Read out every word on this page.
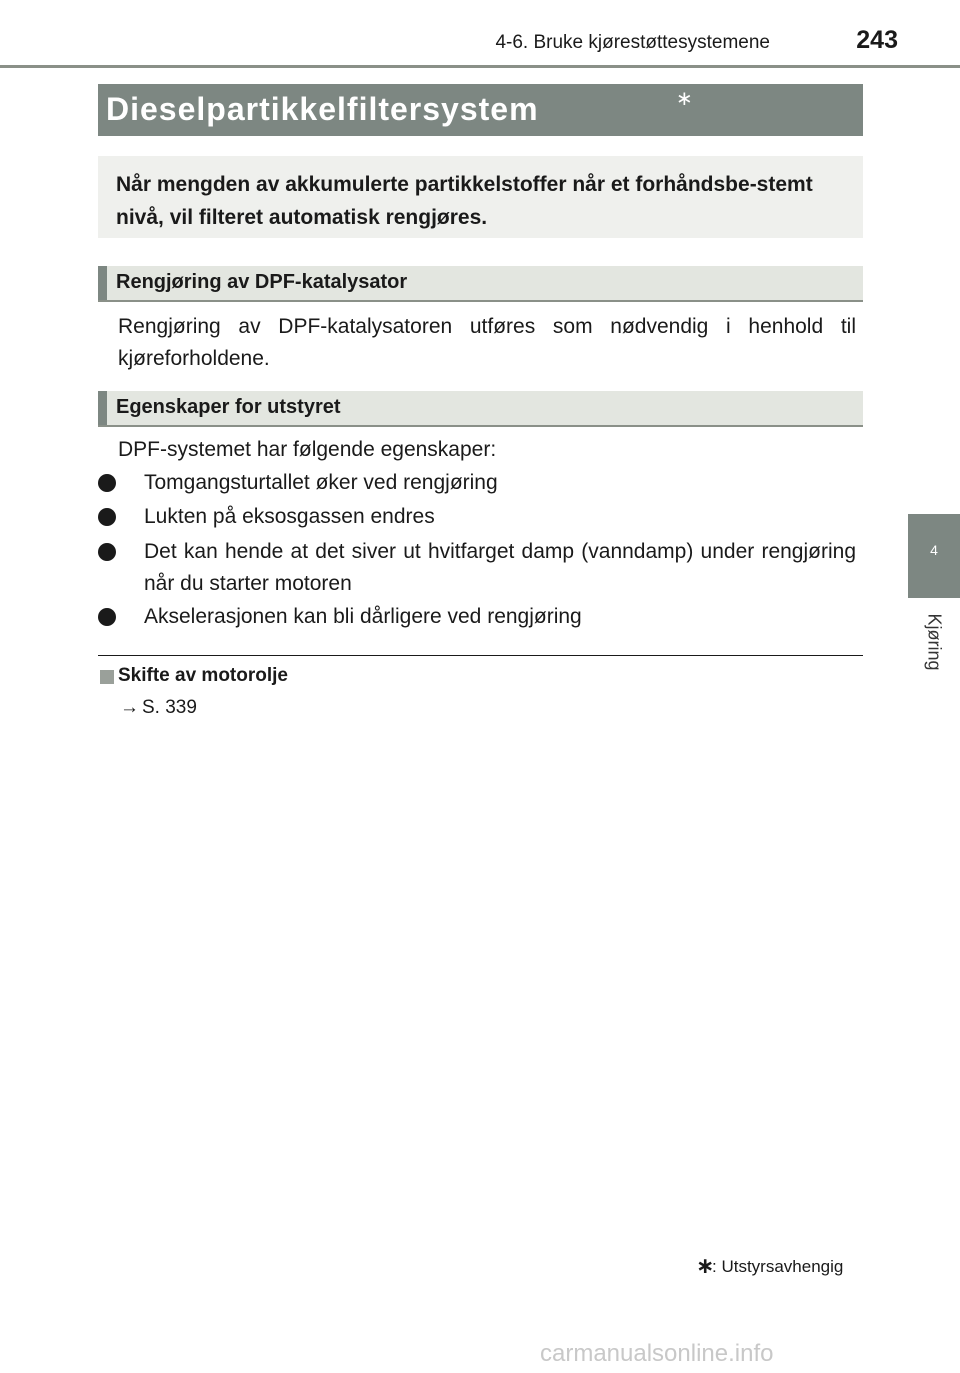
4-6. Bruke kjørestøttesystemene	243
4
Kjøring
Dieselpartikkelfiltersystem	∗
Når mengden av akkumulerte partikkelstoffer når et forhåndsbe-stemt nivå, vil filteret automatisk rengjøres.
Rengjøring av DPF-katalysator
Rengjøring av DPF-katalysatoren utføres som nødvendig i henhold til kjøreforholdene.
Egenskaper for utstyret
DPF-systemet har følgende egenskaper:
Tomgangsturtallet øker ved rengjøring
Lukten på eksosgassen endres
Det kan hende at det siver ut hvitfarget damp (vanndamp) under rengjøring når du starter motoren
Akselerasjonen kan bli dårligere ved rengjøring
Skifte av motorolje
→ S. 339
∗
: Utstyrsavhengig
carmanualsonline.info
